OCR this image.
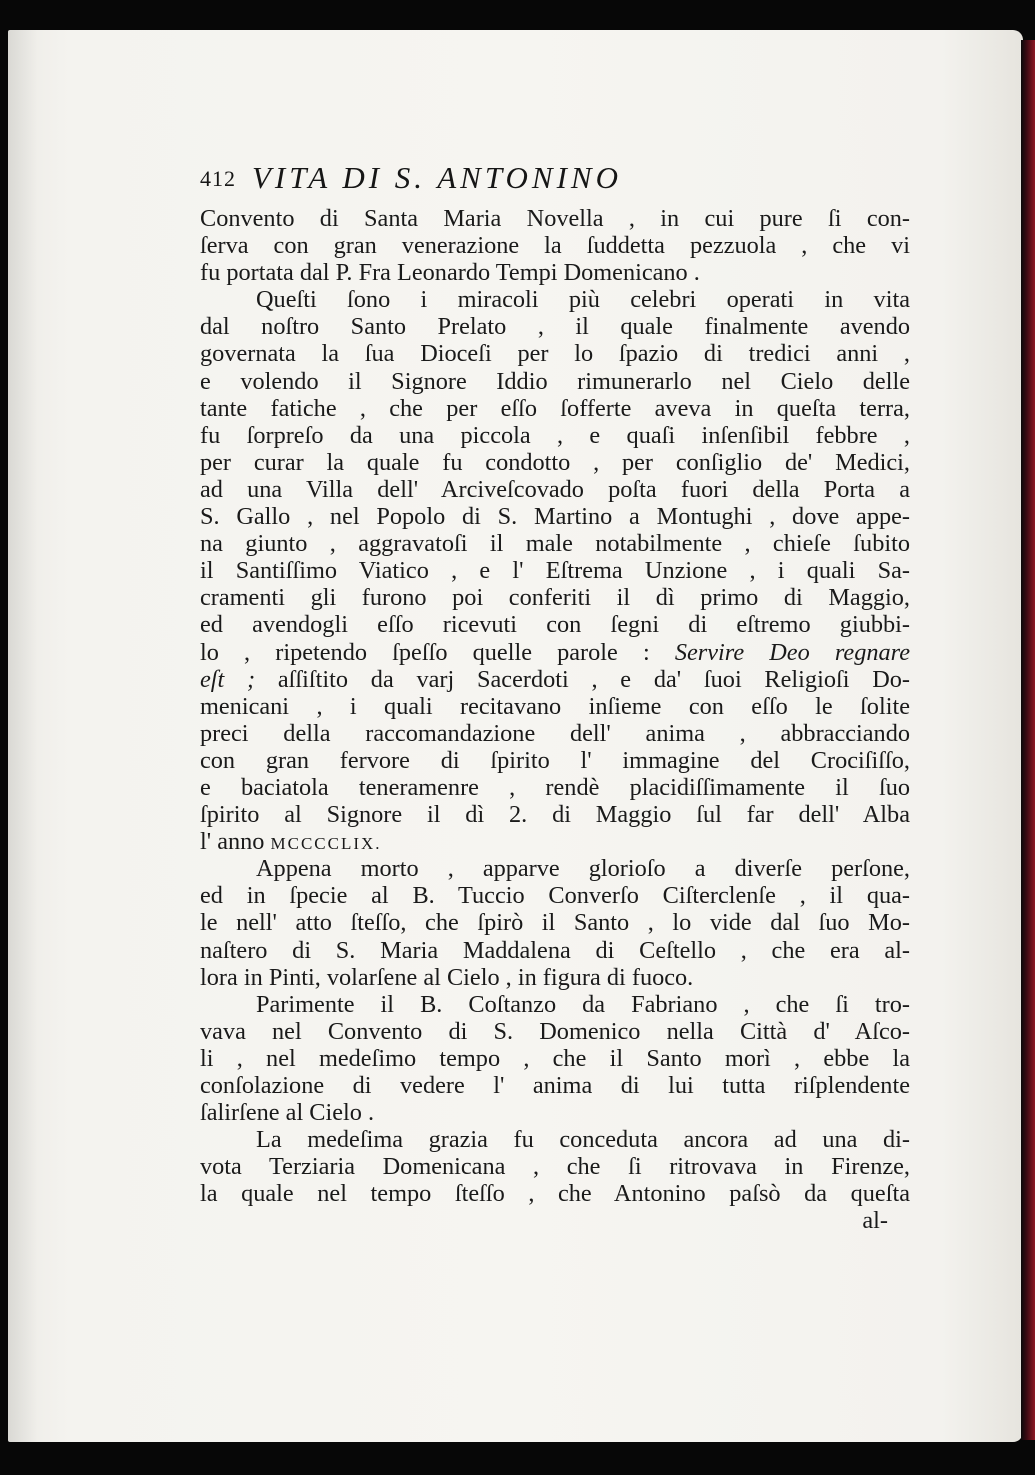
412 VITA DI S. ANTONINO
Convento di Santa Maria Novella , in cui pure ſi con-
ſerva con gran venerazione la ſuddetta pezzuola , che vi
fu portata dal P. Fra Leonardo Tempi Domenicano .
Queſti ſono i miracoli più celebri operati in vita
dal noſtro Santo Prelato , il quale finalmente avendo
governata la ſua Dioceſi per lo ſpazio di tredici anni ,
e volendo il Signore Iddio rimunerarlo nel Cielo delle
tante fatiche , che per eſſo ſofferte aveva in queſta terra,
fu ſorpreſo da una piccola , e quaſi inſenſibil febbre ,
per curar la quale fu condotto , per conſiglio de' Medici,
ad una Villa dell' Arciveſcovado poſta fuori della Porta a
S. Gallo , nel Popolo di S. Martino a Montughi , dove appe-
na giunto , aggravatoſi il male notabilmente , chieſe ſubito
il Santiſſimo Viatico , e l' Eſtrema Unzione , i quali Sa-
cramenti gli furono poi conferiti il dì primo di Maggio,
ed avendogli eſſo ricevuti con ſegni di eſtremo giubbi-
lo , ripetendo ſpeſſo quelle parole : Servire Deo regnare
eſt ; aſſiſtito da varj Sacerdoti , e da' ſuoi Religioſi Do-
menicani , i quali recitavano inſieme con eſſo le ſolite
preci della raccomandazione dell' anima , abbracciando
con gran fervore di ſpirito l' immagine del Crociſiſſo,
e baciatola teneramenre , rendè placidiſſimamente il ſuo
ſpirito al Signore il dì 2. di Maggio ſul far dell' Alba
l' anno MCCCCLIX.
Appena morto , apparve glorioſo a diverſe perſone,
ed in ſpecie al B. Tuccio Converſo Ciſterclenſe , il qua-
le nell' atto ſteſſo, che ſpirò il Santo , lo vide dal ſuo Mo-
naſtero di S. Maria Maddalena di Ceſtello , che era al-
lora in Pinti, volarſene al Cielo , in figura di fuoco.
Parimente il B. Coſtanzo da Fabriano , che ſi tro-
vava nel Convento di S. Domenico nella Città d' Aſco-
li , nel medeſimo tempo , che il Santo morì , ebbe la
conſolazione di vedere l' anima di lui tutta riſplendente
ſalirſene al Cielo .
La medeſima grazia fu conceduta ancora ad una di-
vota Terziaria Domenicana , che ſi ritrovava in Firenze,
la quale nel tempo ſteſſo , che Antonino paſsò da queſta
al-
